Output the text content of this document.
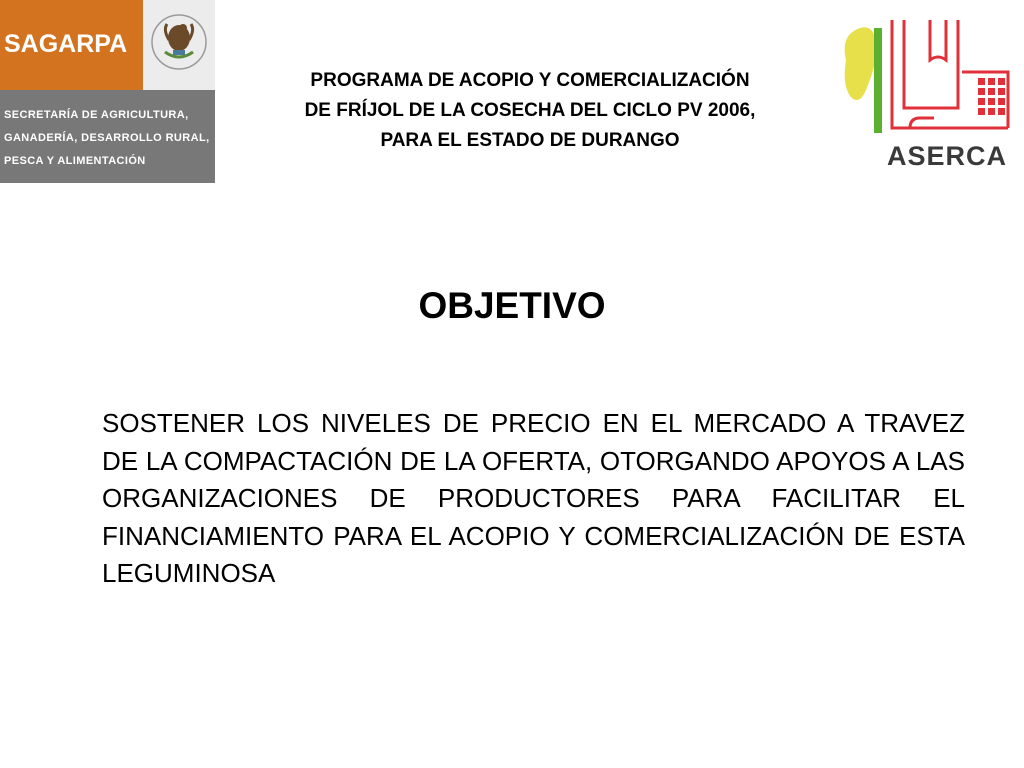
SAGARPA
SECRETARÍA DE AGRICULTURA,
GANADERÍA, DESARROLLO RURAL,
PESCA Y ALIMENTACIÓN
PROGRAMA DE ACOPIO Y COMERCIALIZACIÓN
DE FRÍJOL DE LA COSECHA DEL CICLO PV 2006,
PARA EL ESTADO DE DURANGO
ASERCA
OBJETIVO
SOSTENER LOS NIVELES DE PRECIO EN EL MERCADO A TRAVEZ DE LA COMPACTACIÓN DE LA OFERTA, OTORGANDO APOYOS A LAS ORGANIZACIONES DE PRODUCTORES PARA FACILITAR EL FINANCIAMIENTO PARA EL ACOPIO Y COMERCIALIZACIÓN DE ESTA LEGUMINOSA
